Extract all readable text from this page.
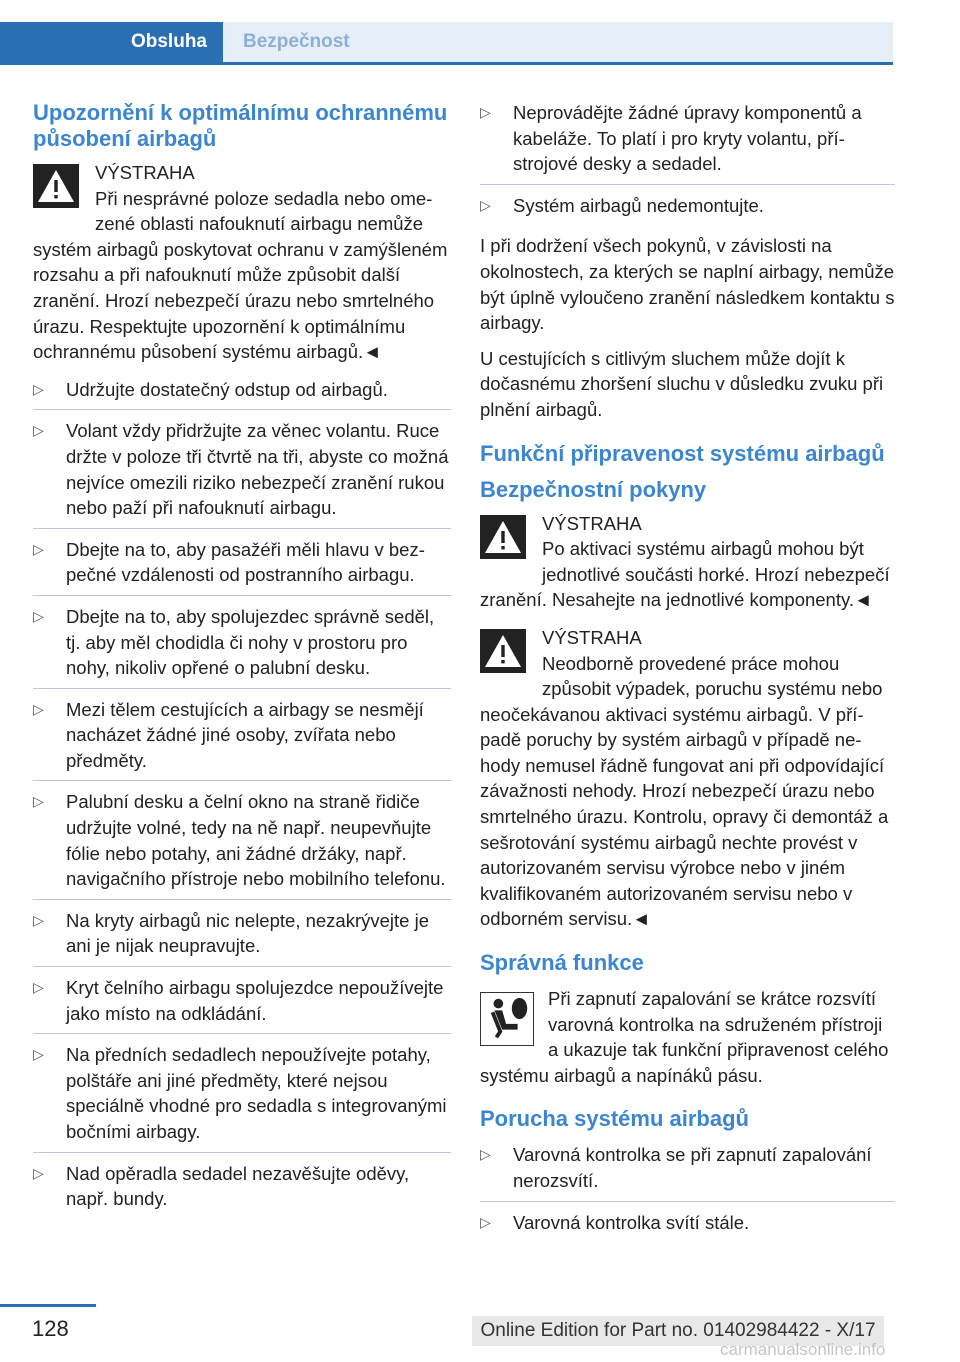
Obsluha	Bezpečnost
Upozornění k optimálnímu ochrannému působení airbagů
VÝSTRAHA
Při nesprávné poloze sedadla nebo omezené oblasti nafouknutí airbagu nemůže systém airbagů poskytovat ochranu v zamýšleném rozsahu a při nafouknutí může způsobit další zranění. Hrozí nebezpečí úrazu nebo smrtelného úrazu. Respektujte upozornění k optimálnímu ochrannému působení systému airbagů.◄
▷ Udržujte dostatečný odstup od airbagů.
▷ Volant vždy přidržujte za věnec volantu. Ruce držte v poloze tři čtvrtě na tři, abyste co možná nejvíce omezili riziko nebezpečí zranění rukou nebo paží při nafouknutí airbagu.
▷ Dbejte na to, aby pasažéři měli hlavu v bezpečné vzdálenosti od postranního airbagu.
▷ Dbejte na to, aby spolujezdec správně seděl, tj. aby měl chodidla či nohy v prostoru pro nohy, nikoliv opřené o palubní desku.
▷ Mezi tělem cestujících a airbagy se nesmějí nacházet žádné jiné osoby, zvířata nebo předměty.
▷ Palubní desku a čelní okno na straně řidiče udržujte volné, tedy na ně např. neupevňujte fólie nebo potahy, ani žádné držáky, např. navigačního přístroje nebo mobilního telefonu.
▷ Na kryty airbagů nic nelepte, nezakrývejte je ani je nijak neupravujte.
▷ Kryt čelního airbagu spolujezdce nepoužívejte jako místo na odkládání.
▷ Na předních sedadlech nepoužívejte potahy, polštáře ani jiné předměty, které nejsou speciálně vhodné pro sedadla s integrovanými bočními airbagy.
▷ Nad opěradla sedadel nezavěšujte oděvy, např. bundy.
▷ Neprovádějte žádné úpravy komponentů a kabeláže. To platí i pro kryty volantu, přístrojové desky a sedadel.
▷ Systém airbagů nedemontujte.

I při dodržení všech pokynů, v závislosti na okolnostech, za kterých se naplní airbagy, nemůže být úplně vyloučeno zranění následkem kontaktu s airbagy.

U cestujících s citlivým sluchem může dojít k dočasnému zhoršení sluchu v důsledku zvuku při plnění airbagů.

Funkční připravenost systému airbagů
Bezpečnostní pokyny
VÝSTRAHA
Po aktivaci systému airbagů mohou být jednotlivé součásti horké. Hrozí nebezpečí zranění. Nesahejte na jednotlivé komponenty.◄
VÝSTRAHA
Neodborně provedené práce mohou způsobit výpadek, poruchu systému nebo neočekávanou aktivaci systému airbagů. V případě poruchy by systém airbagů v případě nehody nemusel řádně fungovat ani při odpovídající závažnosti nehody. Hrozí nebezpečí úrazu nebo smrtelného úrazu. Kontrolu, opravy či demontáž a sešrotování systému airbagů nechte provést v autorizovaném servisu výrobce nebo v jiném kvalifikovaném autorizovaném servisu nebo v odborném servisu.◄
Správná funkce

Při zapnutí zapalování se krátce rozsvítí varovná kontrolka na sdruženém přístroji a ukazuje tak funkční připravenost celého systému airbagů a napínáků pásu.

Porucha systému airbagů
▷ Varovná kontrolka se při zapnutí zapalování nerozsvítí.
▷ Varovná kontrolka svítí stále.
128	Online Edition for Part no. 01402984422 - X/17
carmanualsonline.info
